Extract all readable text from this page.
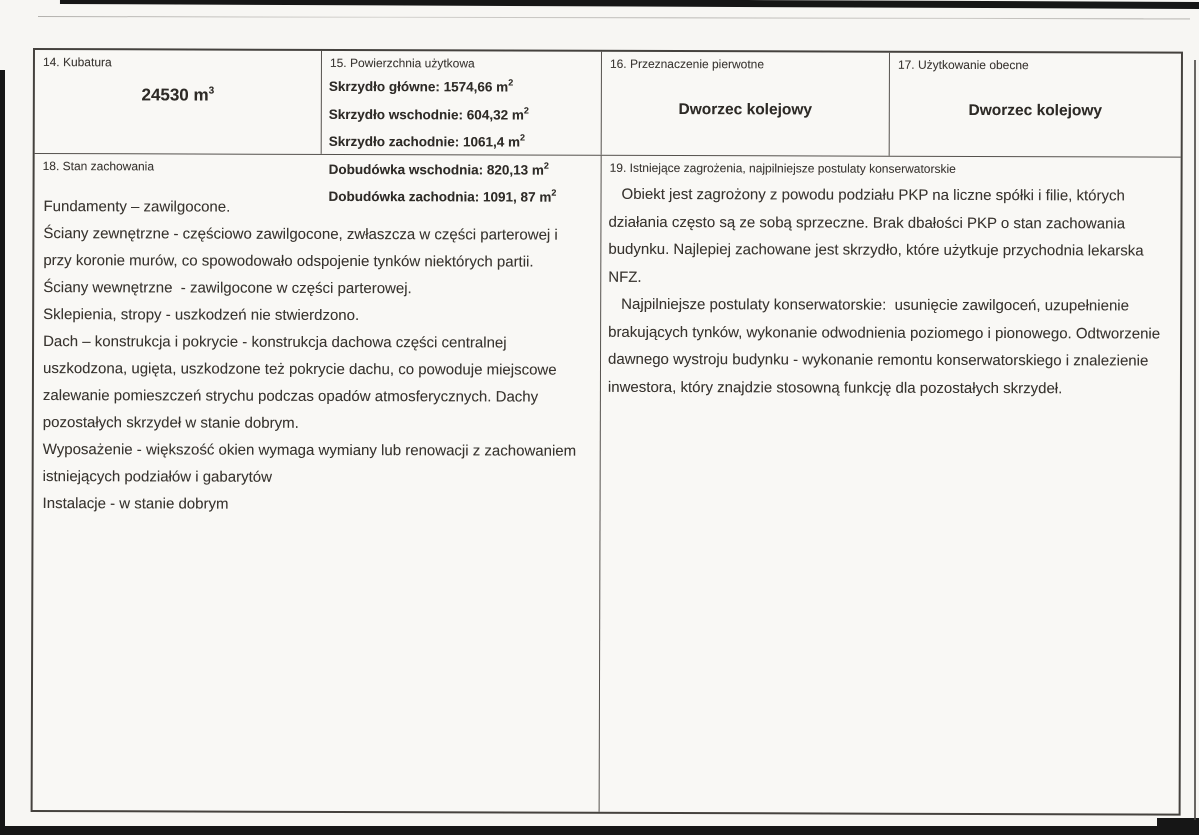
14. Kubatura
24530 $m^3$
15. Powierzchnia użytkowa
Skrzydło główne: 1574,66 $m^2$
Skrzydło wschodnie: 604,32 $m^2$
Skrzydło zachodnie: 1061,4 $m^2$
Dobudówka wschodnia: 820,13 $m^2$
Dobudówka zachodnia: 1091, 87 $m^2$
16. Przeznaczenie pierwotne
Dworzec kolejowy
17. Użytkowanie obecne
Dworzec kolejowy
18. Stan zachowania

Fundamenty – zawilgocone.

Ściany zewnętrzne - częściowo zawilgocone, zwłaszcza w części parterowej i przy koronie murów, co spowodowało odspojenie tynków niektórych partii.

Ściany wewnętrzne  - zawilgocone w części parterowej.

Sklepienia, stropy - uszkodzeń nie stwierdzono.

Dach – konstrukcja i pokrycie - konstrukcja dachowa części centralnej uszkodzona, ugięta, uszkodzone też pokrycie dachu, co powoduje miejscowe zalewanie pomieszczeń strychu podczas opadów atmosferycznych. Dachy pozostałych skrzydeł w stanie dobrym.

Wyposażenie - większość okien wymaga wymiany lub renowacji z zachowaniem istniejących podziałów i gabarytów

Instalacje - w stanie dobrym

19. Istniejące zagrożenia, najpilniejsze postulaty konserwatorskie

Obiekt jest zagrożony z powodu podziału PKP na liczne spółki i filie, których działania często są ze sobą sprzeczne. Brak dbałości PKP o stan zachowania budynku. Najlepiej zachowane jest skrzydło, które użytkuje przychodnia lekarska NFZ.

Najpilniejsze postulaty konserwatorskie:  usunięcie zawilgoceń, uzupełnienie brakujących tynków, wykonanie odwodnienia poziomego i pionowego. Odtworzenie dawnego wystroju budynku - wykonanie remontu konserwatorskiego i znalezienie inwestora, który znajdzie stosowną funkcję dla pozostałych skrzydeł.
